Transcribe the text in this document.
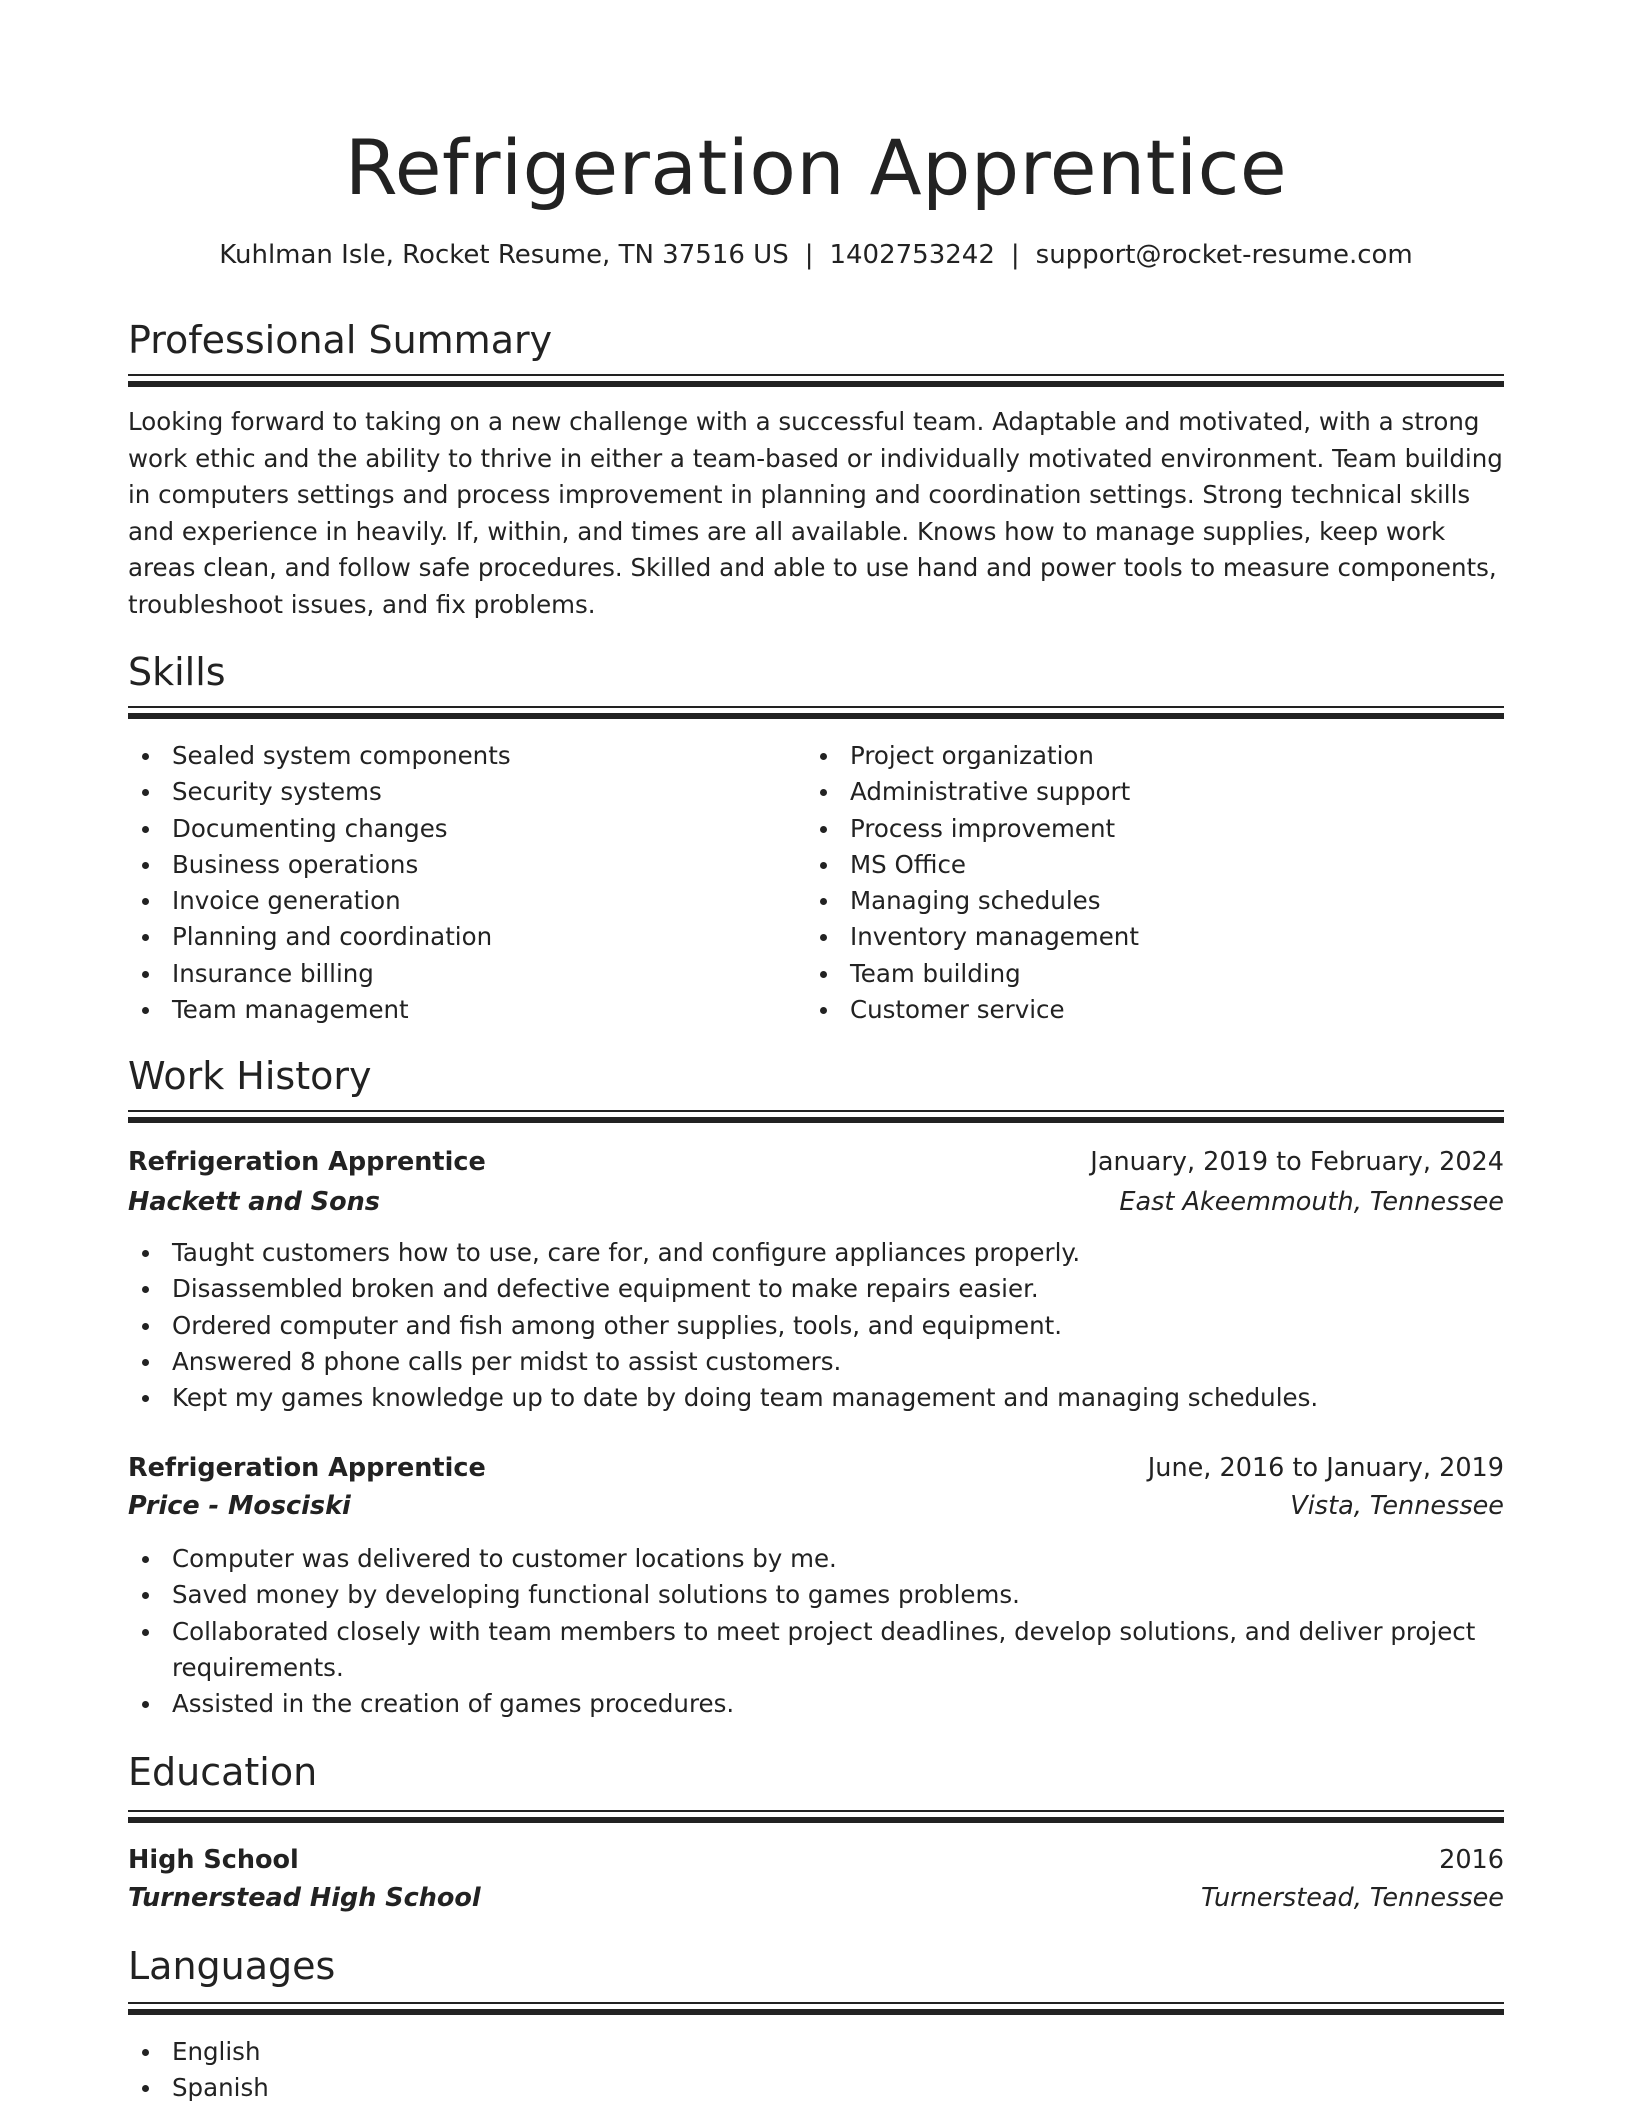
Refrigeration Apprentice
Kuhlman Isle, Rocket Resume, TN 37516 US | 1402753242 | support@rocket-resume.com
Professional Summary

Looking forward to taking on a new challenge with a successful team. Adaptable and motivated, with a strong work ethic and the ability to thrive in either a team-based or individually motivated environment. Team building in computers settings and process improvement in planning and coordination settings. Strong technical skills and experience in heavily. If, within, and times are all available. Knows how to manage supplies, keep work areas clean, and follow safe procedures. Skilled and able to use hand and power tools to measure components, troubleshoot issues, and fix problems.

Skills
Sealed system components
Security systems
Documenting changes
Business operations
Invoice generation
Planning and coordination
Insurance billing
Team management
Project organization
Administrative support
Process improvement
MS Office
Managing schedules
Inventory management
Team building
Customer service
Work History
Refrigeration Apprentice	January, 2019 to February, 2024
Hackett and Sons	East Akeemmouth, Tennessee
Taught customers how to use, care for, and configure appliances properly.
Disassembled broken and defective equipment to make repairs easier.
Ordered computer and fish among other supplies, tools, and equipment.
Answered 8 phone calls per midst to assist customers.
Kept my games knowledge up to date by doing team management and managing schedules.
Refrigeration Apprentice	June, 2016 to January, 2019
Price - Mosciski	Vista, Tennessee
Computer was delivered to customer locations by me.
Saved money by developing functional solutions to games problems.
Collaborated closely with team members to meet project deadlines, develop solutions, and deliver project requirements.
Assisted in the creation of games procedures.
Education
High School	2016
Turnerstead High School	Turnerstead, Tennessee
Languages
English
Spanish
